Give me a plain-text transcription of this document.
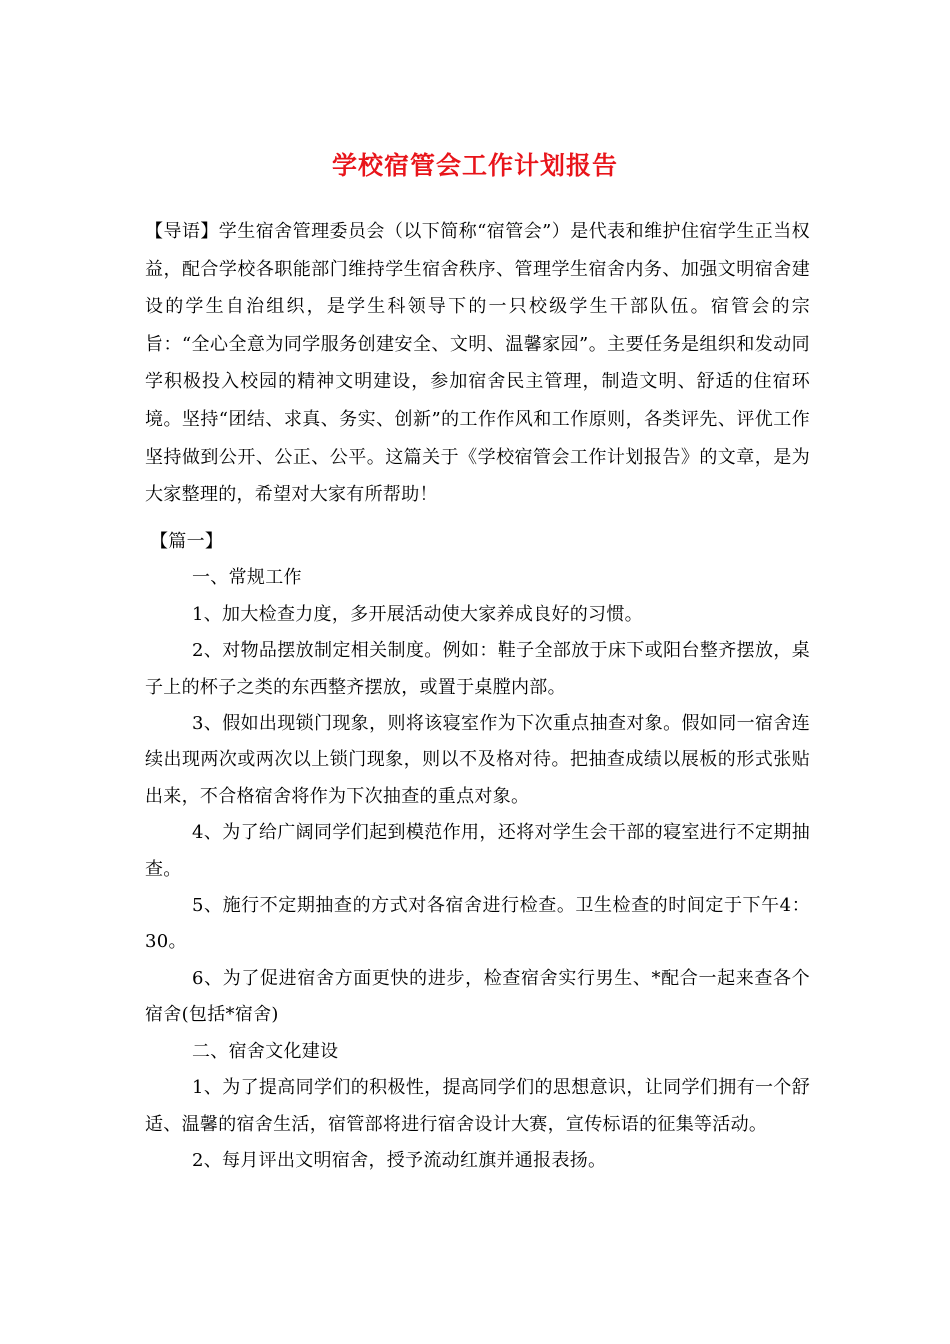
学校宿管会工作计划报告

【导语】学生宿舍管理委员会（以下简称“宿管会”）是代表和维护住宿学生正当权益，配合学校各职能部门维持学生宿舍秩序、管理学生宿舍内务、加强文明宿舍建设的学生自治组织，是学生科领导下的一只校级学生干部队伍。宿管会的宗旨：“全心全意为同学服务创建安全、文明、温馨家园”。主要任务是组织和发动同学积极投入校园的精神文明建设，参加宿舍民主管理，制造文明、舒适的住宿环境。坚持“团结、求真、务实、创新”的工作作风和工作原则，各类评先、评优工作坚持做到公开、公正、公平。这篇关于《学校宿管会工作计划报告》的文章，是为大家整理的，希望对大家有所帮助！

【篇一】

一、常规工作

1、加大检查力度，多开展活动使大家养成良好的习惯。

2、对物品摆放制定相关制度。例如：鞋子全部放于床下或阳台整齐摆放，桌子上的杯子之类的东西整齐摆放，或置于桌膛内部。

3、假如出现锁门现象，则将该寝室作为下次重点抽查对象。假如同一宿舍连续出现两次或两次以上锁门现象，则以不及格对待。把抽查成绩以展板的形式张贴出来，不合格宿舍将作为下次抽查的重点对象。

4、为了给广阔同学们起到模范作用，还将对学生会干部的寝室进行不定期抽查。

5、施行不定期抽查的方式对各宿舍进行检查。卫生检查的时间定于下午4：30。

6、为了促进宿舍方面更快的进步，检查宿舍实行男生、*配合一起来查各个宿舍(包括*宿舍)

二、宿舍文化建设

1、为了提高同学们的积极性，提高同学们的思想意识，让同学们拥有一个舒适、温馨的宿舍生活，宿管部将进行宿舍设计大赛，宣传标语的征集等活动。

2、每月评出文明宿舍，授予流动红旗并通报表扬。
